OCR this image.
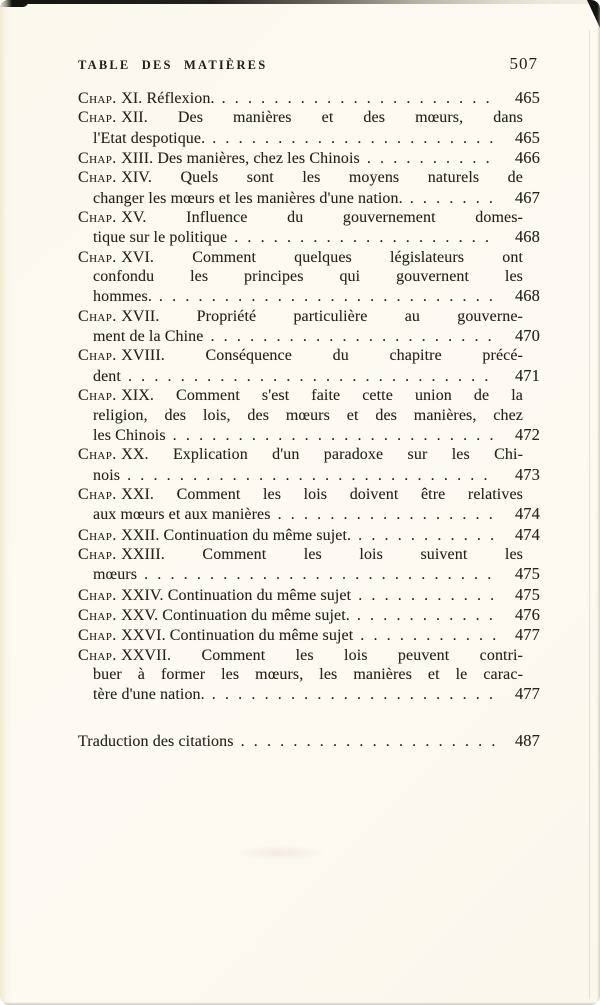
TABLE DES MATIÈRES	507
Chap. XI. Réflexion. . . .	465
Chap. XII. Des manières et des mœurs, dans
l'Etat despotique. . . .	465
Chap. XIII. Des manières, chez les Chinois . . .	466
Chap. XIV. Quels sont les moyens naturels de
changer les mœurs et les manières d'une nation. . . .	467
Chap. XV. Influence du gouvernement domes-
tique sur le politique . . .	468
Chap. XVI. Comment quelques législateurs ont
confondu les principes qui gouvernent les
hommes. . . .	468
Chap. XVII. Propriété particulière au gouverne-
ment de la Chine . . .	470
Chap. XVIII. Conséquence du chapitre précé-
dent . . .	471
Chap. XIX. Comment s'est faite cette union de la
religion, des lois, des mœurs et des manières, chez
les Chinois . . .	472
Chap. XX. Explication d'un paradoxe sur les Chi-
nois . . .	473
Chap. XXI. Comment les lois doivent être relatives
aux mœurs et aux manières . . .	474
Chap. XXII. Continuation du même sujet. . . .	474
Chap. XXIII. Comment les lois suivent les
mœurs . . .	475
Chap. XXIV. Continuation du même sujet . . .	475
Chap. XXV. Continuation du même sujet. . . .	476
Chap. XXVI. Continuation du même sujet . . .	477
Chap. XXVII. Comment les lois peuvent contri-
buer à former les mœurs, les manières et le carac-
tère d'une nation. . . .	477
Traduction des citations . . .	487
